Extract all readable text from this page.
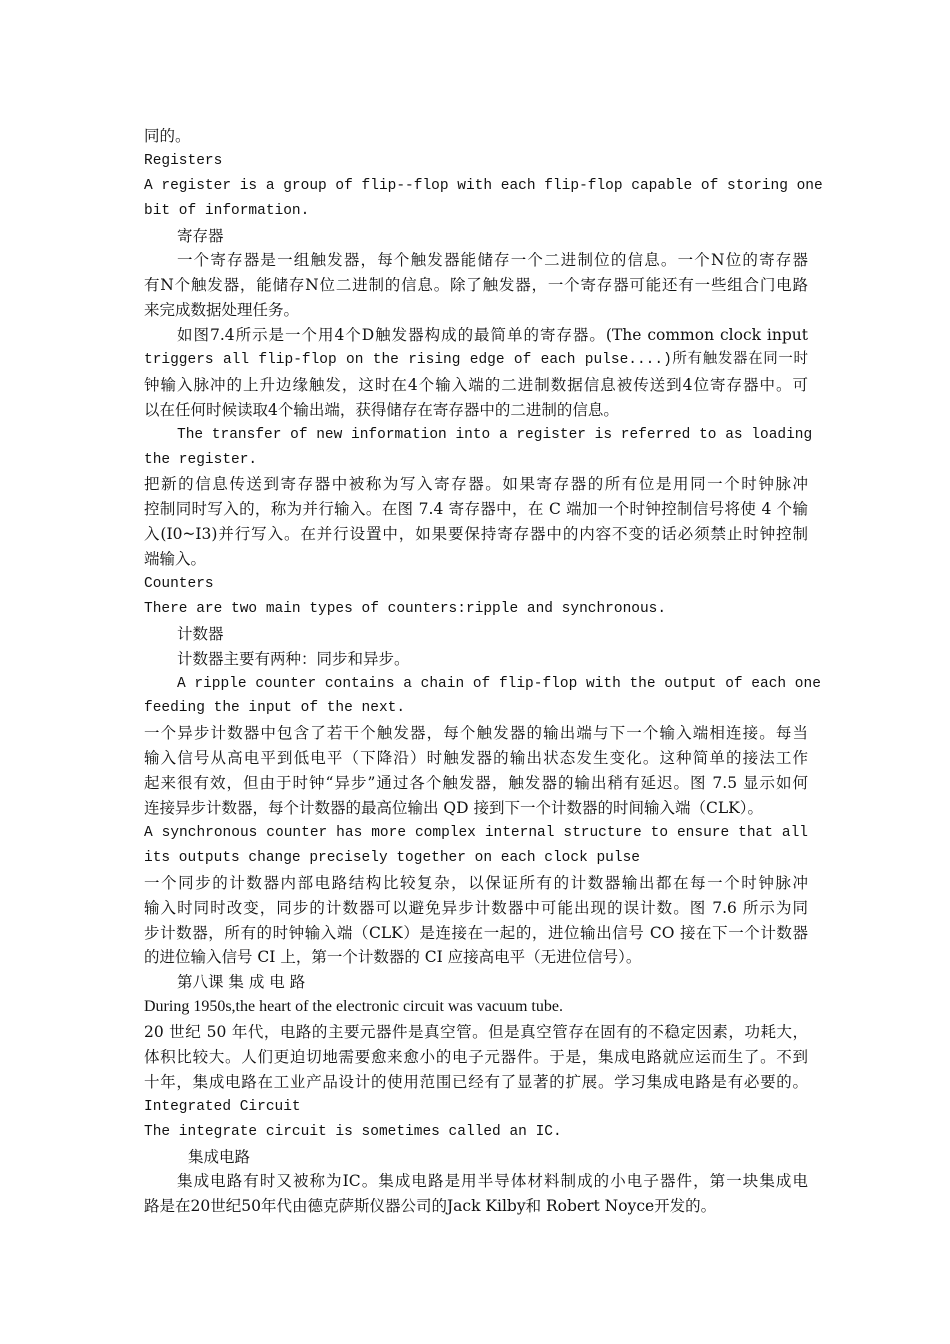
同的。
Registers
A register is a group of flip--flop with each flip-flop capable of storing one
bit of information.
寄存器
一个寄存器是一组触发器，每个触发器能储存一个二进制位的信息。一个N位的寄存器
有N个触发器，能储存N位二进制的信息。除了触发器，一个寄存器可能还有一些组合门电路
来完成数据处理任务。
如图7.4所示是一个用4个D触发器构成的最简单的寄存器。(The common clock input
triggers all flip-flop on the rising edge of each pulse....)所有触发器在同一时
钟输入脉冲的上升边缘触发，这时在4个输入端的二进制数据信息被传送到4位寄存器中。可
以在任何时候读取4个输出端，获得储存在寄存器中的二进制的信息。
The transfer of new information into a register is referred to as loading
the register.
把新的信息传送到寄存器中被称为写入寄存器。如果寄存器的所有位是用同一个时钟脉冲
控制同时写入的，称为并行输入。在图 7.4 寄存器中，在 C 端加一个时钟控制信号将使 4 个输
入(I0~I3)并行写入。在并行设置中，如果要保持寄存器中的内容不变的话必须禁止时钟控制
端输入。
Counters
There are two main types of counters:ripple and synchronous.
计数器
计数器主要有两种：同步和异步。
A ripple counter contains a chain of flip-flop with the output of each one
feeding the input of the next.
一个异步计数器中包含了若干个触发器，每个触发器的输出端与下一个输入端相连接。每当
输入信号从高电平到低电平（下降沿）时触发器的输出状态发生变化。这种简单的接法工作
起来很有效，但由于时钟“异步”通过各个触发器，触发器的输出稍有延迟。图 7.5 显示如何
连接异步计数器，每个计数器的最高位输出 QD 接到下一个计数器的时间输入端（CLK）。
A synchronous counter has more complex internal structure to ensure that all
its outputs change precisely together on each clock pulse
一个同步的计数器内部电路结构比较复杂，以保证所有的计数器输出都在每一个时钟脉冲
输入时同时改变，同步的计数器可以避免异步计数器中可能出现的误计数。图 7.6 所示为同
步计数器，所有的时钟输入端（CLK）是连接在一起的，进位输出信号 CO 接在下一个计数器
的进位输入信号 CI 上，第一个计数器的 CI 应接高电平（无进位信号）。
第八课 集 成 电 路
During 1950s,the heart of the electronic circuit was vacuum tube.
20 世纪 50 年代，电路的主要元器件是真空管。但是真空管存在固有的不稳定因素，功耗大，
体积比较大。人们更迫切地需要愈来愈小的电子元器件。于是，集成电路就应运而生了。不到
十年，集成电路在工业产品设计的使用范围已经有了显著的扩展。学习集成电路是有必要的。
Integrated Circuit
The integrate circuit is sometimes called an IC.
集成电路
集成电路有时又被称为IC。集成电路是用半导体材料制成的小电子器件，第一块集成电
路是在20世纪50年代由德克萨斯仪器公司的Jack Kilby和 Robert Noyce开发的。
